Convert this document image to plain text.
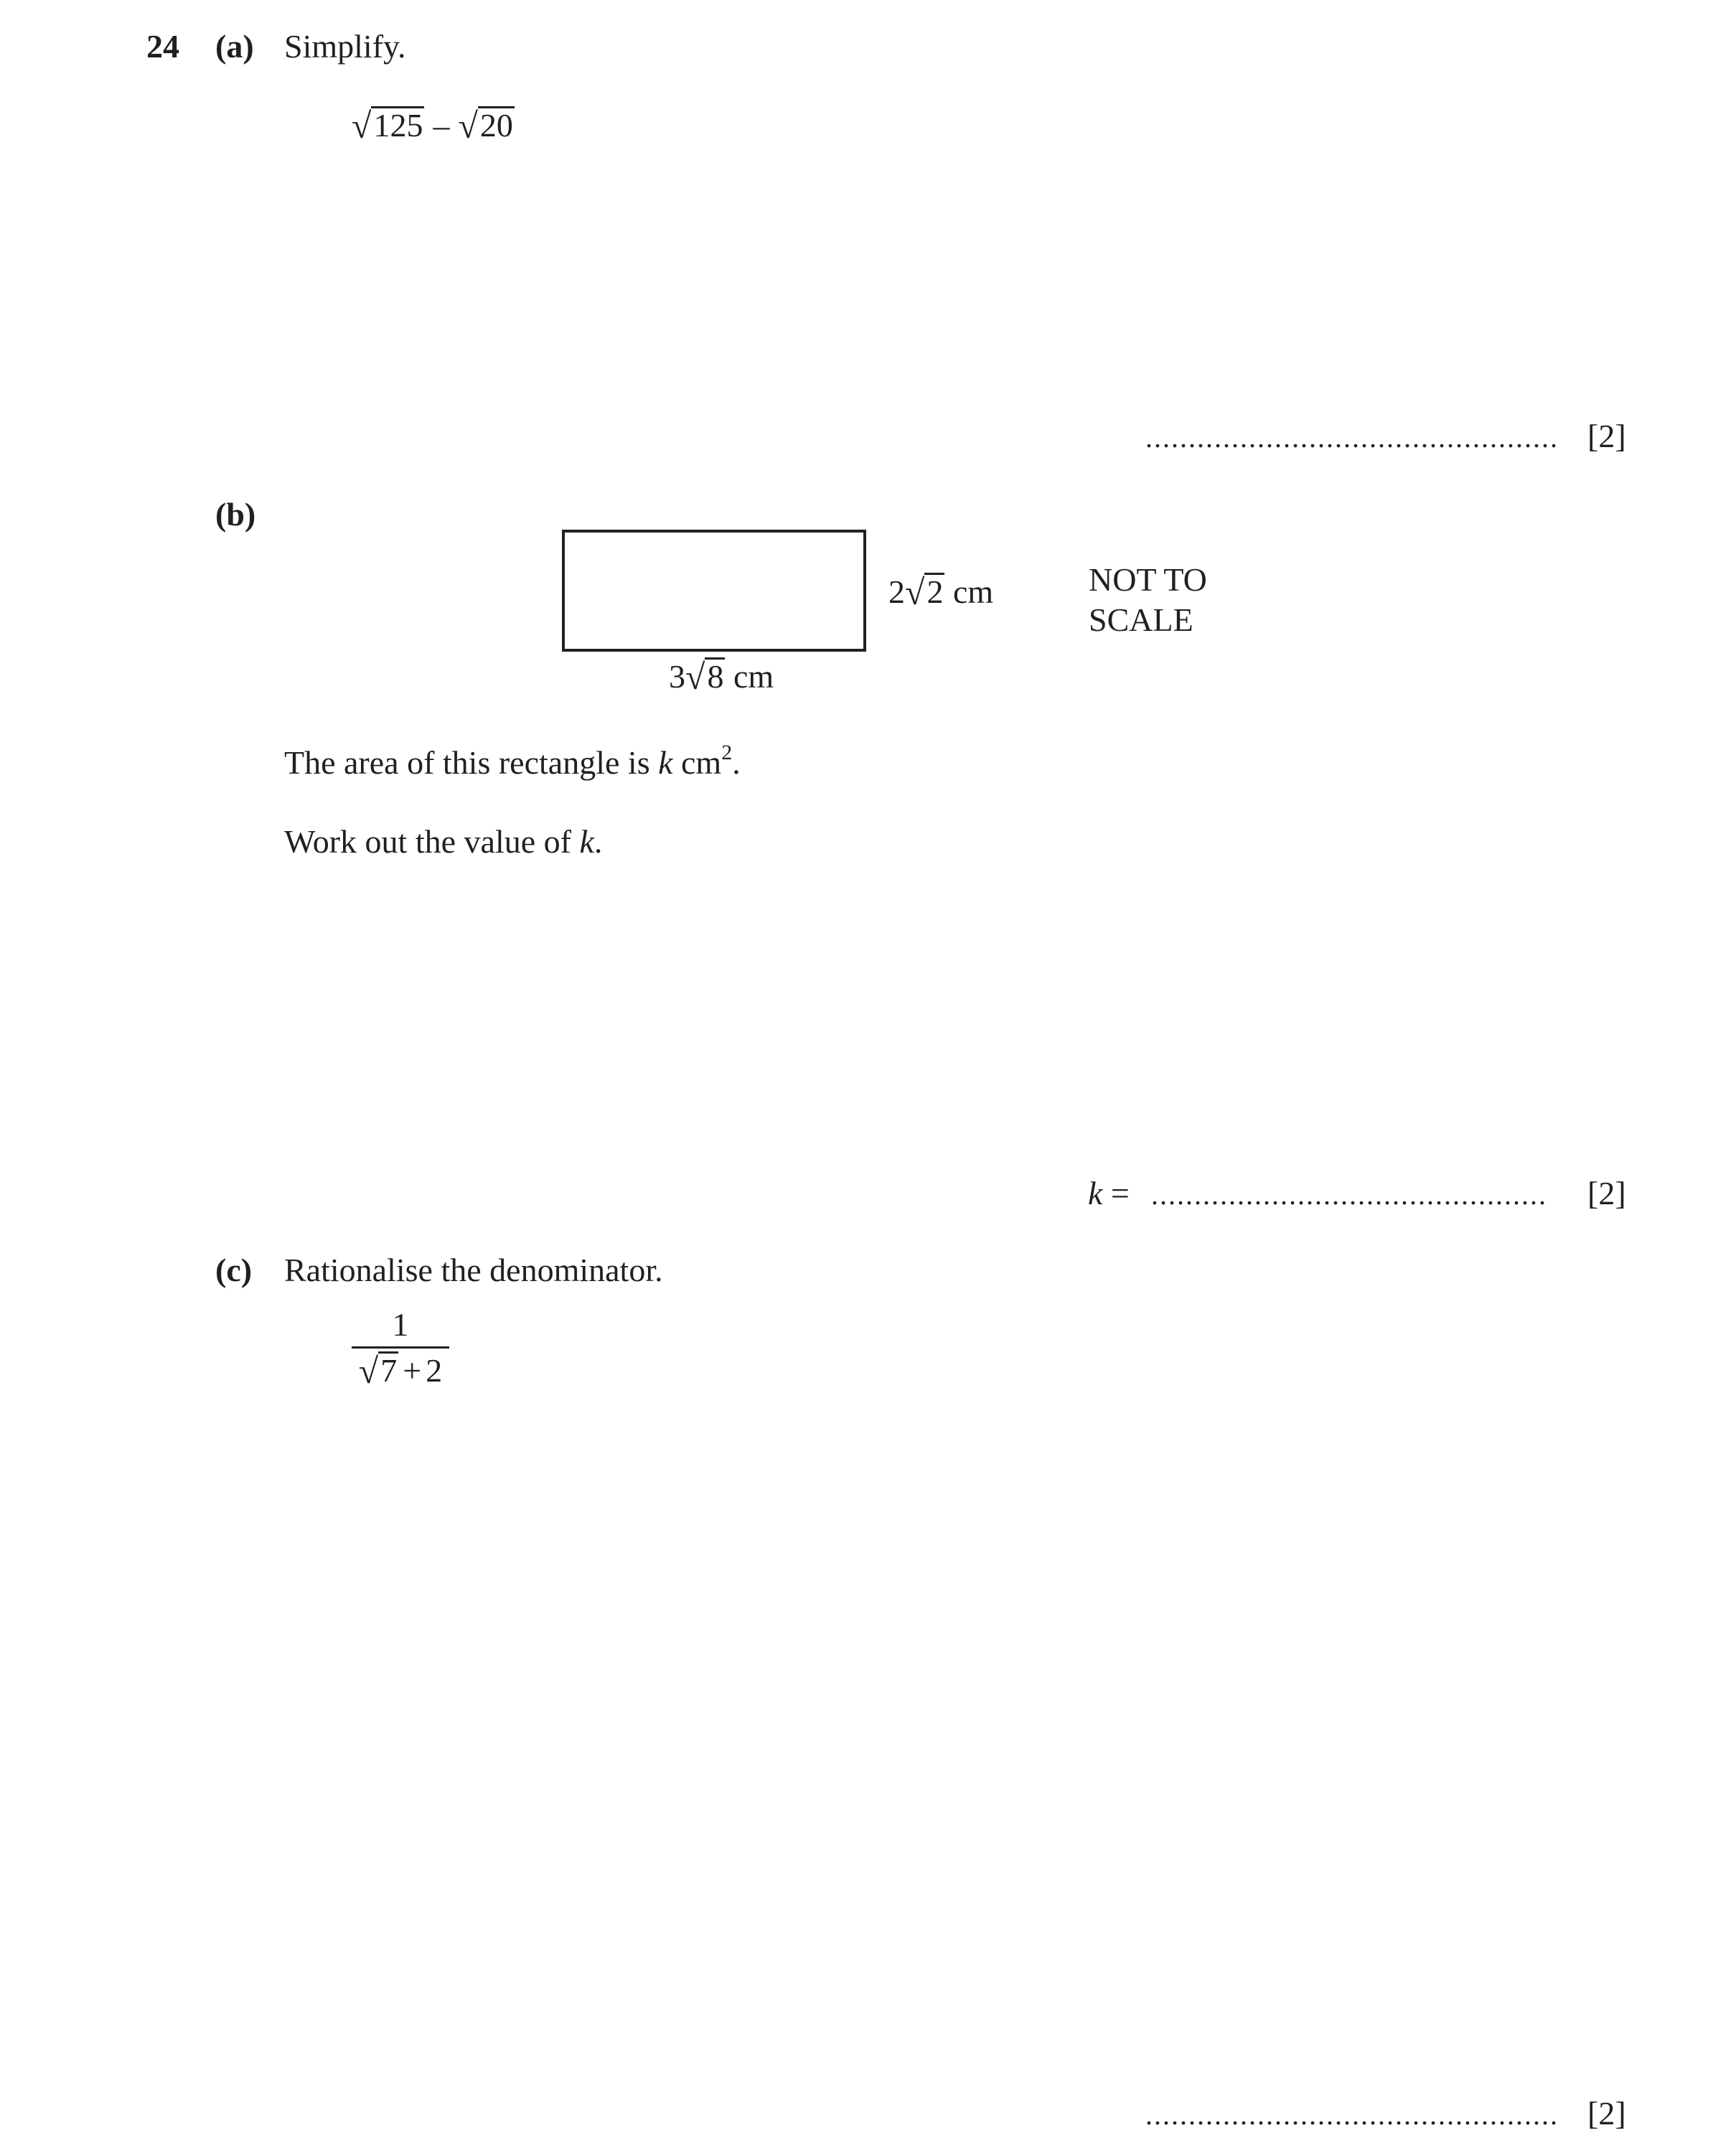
24 (a) Simplify.
√125 – √20
................................................ [2]
(b)
2√2 cm
3√8 cm
NOT TO
SCALE
The area of this rectangle is k $cm^2$.
Work out the value of k.
k = .............................................. [2]
(c) Rationalise the denominator.
1
√7 + 2
................................................ [2]
